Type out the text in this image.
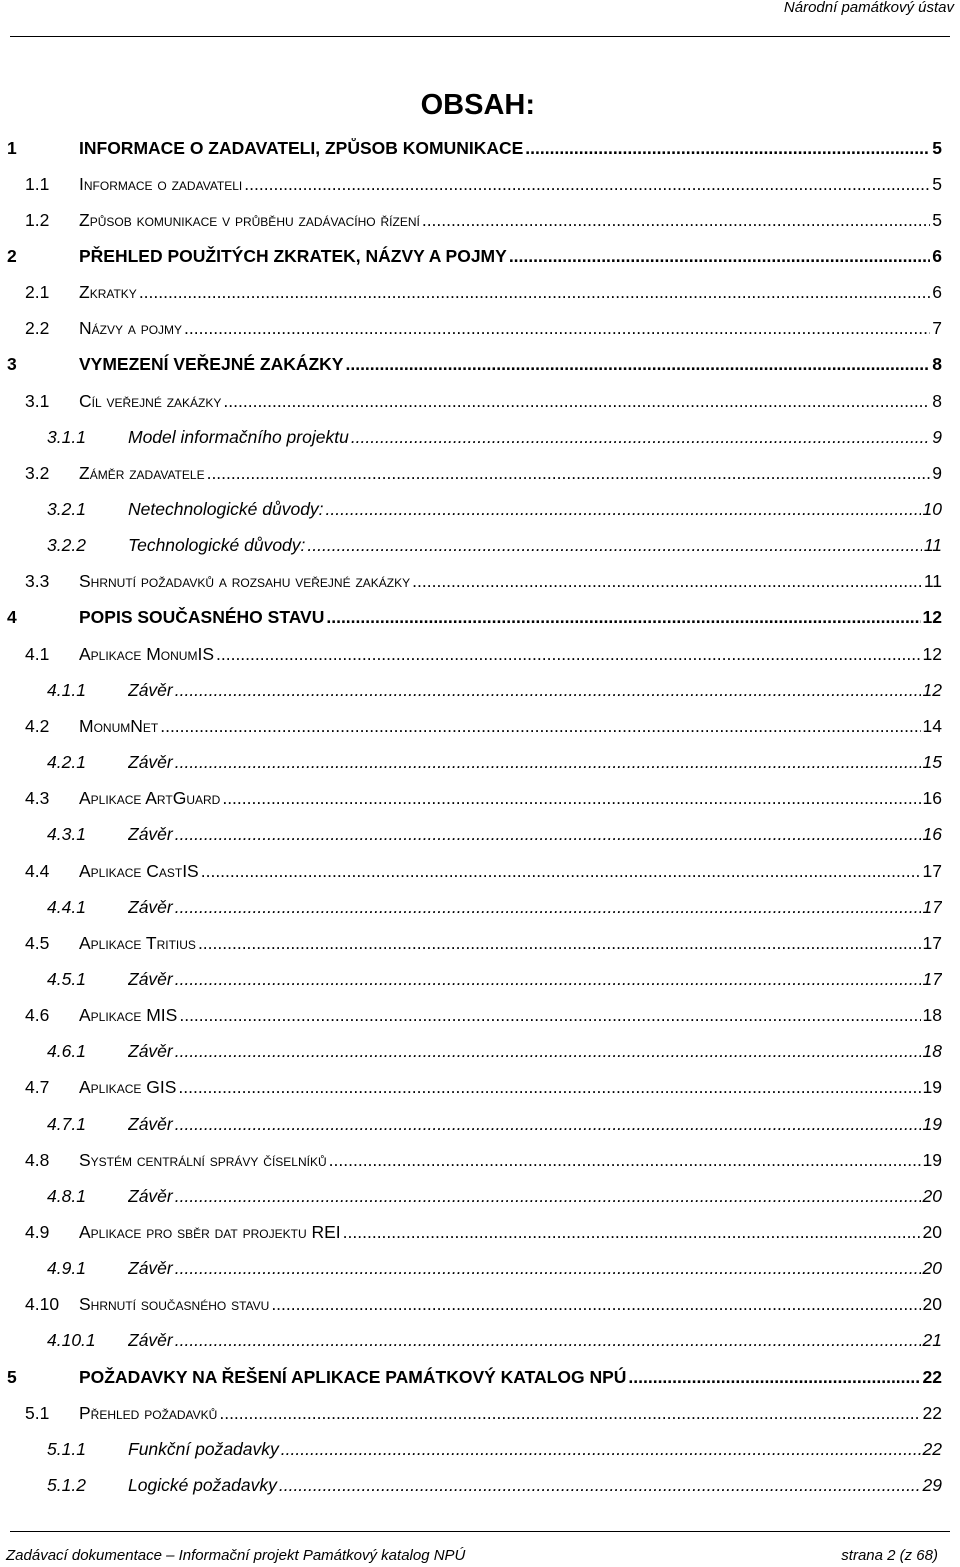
Národní památkový ústav
OBSAH:
1	INFORMACE O ZADAVATELI, ZPŮSOB KOMUNIKACE .....	5
1.1 Informace o zadavateli .....	5
1.2 Způsob komunikace v průběhu zadávacího řízení .....	5
2	PŘEHLED POUŽITÝCH ZKRATEK, NÁZVY A POJMY .....	6
2.1 Zkratky .....	6
2.2 Názvy a pojmy .....	7
3	VYMEZENÍ VEŘEJNÉ ZAKÁZKY .....	8
3.1 Cíl veřejné zakázky .....	8
3.1.1 Model informačního projektu .....	9
3.2 Záměr zadavatele .....	9
3.2.1 Netechnologické důvody: .....	10
3.2.2 Technologické důvody: .....	11
3.3 Shrnutí požadavků a rozsahu veřejné zakázky .....	11
4	POPIS SOUČASNÉHO STAVU .....	12
4.1 Aplikace MonumIS .....	12
4.1.1 Závěr .....	12
4.2 MonumNet .....	14
4.2.1 Závěr .....	15
4.3 Aplikace ArtGuard .....	16
4.3.1 Závěr .....	16
4.4 Aplikace CastIS .....	17
4.4.1 Závěr .....	17
4.5 Aplikace Tritius .....	17
4.5.1 Závěr .....	17
4.6 Aplikace MIS .....	18
4.6.1 Závěr .....	18
4.7 Aplikace GIS .....	19
4.7.1 Závěr .....	19
4.8 Systém centrální správy číselníků .....	19
4.8.1 Závěr .....	20
4.9 Aplikace pro sběr dat projektu REI .....	20
4.9.1 Závěr .....	20
4.10 Shrnutí současného stavu .....	20
4.10.1 Závěr .....	21
5	POŽADAVKY NA ŘEŠENÍ APLIKACE PAMÁTKOVÝ KATALOG NPÚ .....	22
5.1 Přehled požadavků .....	22
5.1.1 Funkční požadavky .....	22
5.1.2 Logické požadavky .....	29
Zadávací dokumentace – Informační projekt Památkový katalog NPÚ	strana 2 (z 68)
